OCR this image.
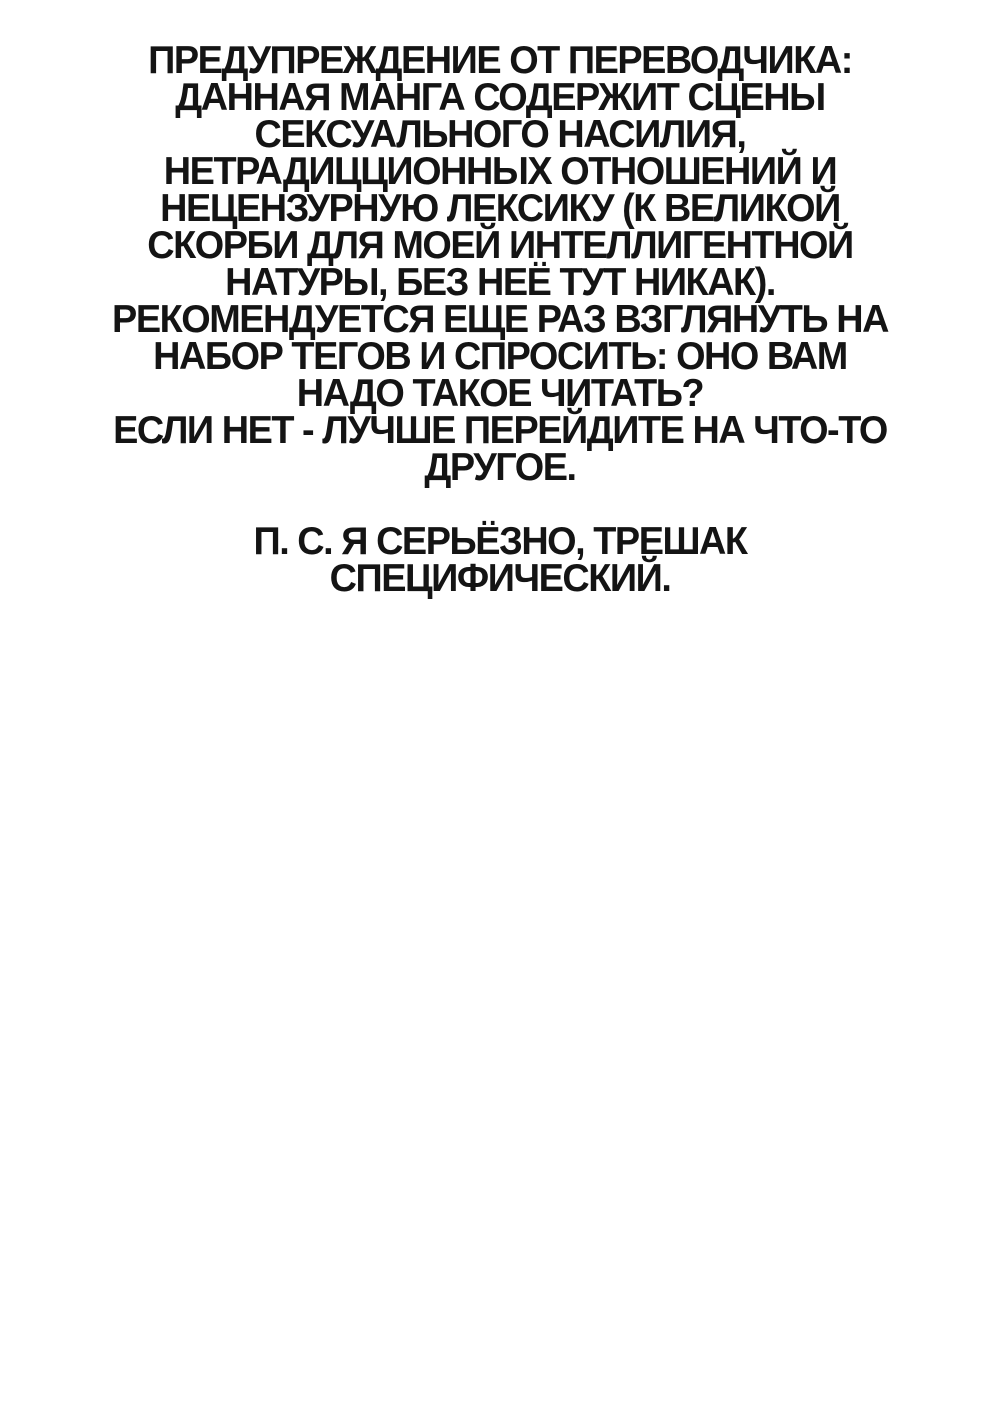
ПРЕДУПРЕЖДЕНИЕ ОТ ПЕРЕВОДЧИКА:
ДАННАЯ МАНГА СОДЕРЖИТ СЦЕНЫ
СЕКСУАЛЬНОГО НАСИЛИЯ,
НЕТРАДИЦЦИОННЫХ ОТНОШЕНИЙ И
НЕЦЕНЗУРНУЮ ЛЕКСИКУ (К ВЕЛИКОЙ
СКОРБИ ДЛЯ МОЕЙ ИНТЕЛЛИГЕНТНОЙ
НАТУРЫ, БЕЗ НЕЁ ТУТ НИКАК).
РЕКОМЕНДУЕТСЯ ЕЩЕ РАЗ ВЗГЛЯНУТЬ НА
НАБОР ТЕГОВ И СПРОСИТЬ: ОНО ВАМ
НАДО ТАКОЕ ЧИТАТЬ?
ЕСЛИ НЕТ - ЛУЧШЕ ПЕРЕЙДИТЕ НА ЧТО-ТО
ДРУГОЕ.
П. С. Я СЕРЬЁЗНО, ТРЕШАК
СПЕЦИФИЧЕСКИЙ.
